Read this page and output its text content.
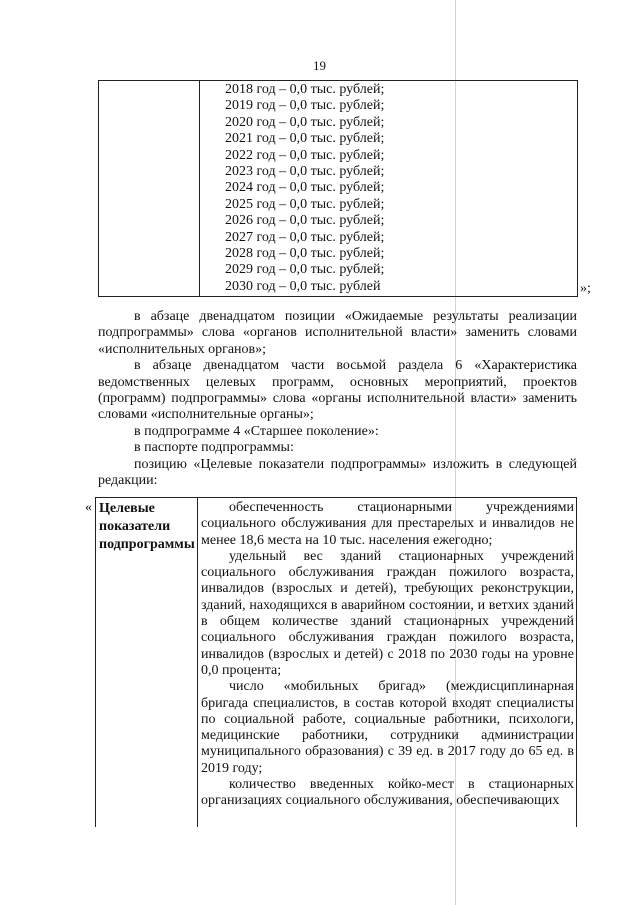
19
2018 год – 0,0 тыс. рублей;
2019 год – 0,0 тыс. рублей;
2020 год – 0,0 тыс. рублей;
2021 год – 0,0 тыс. рублей;
2022 год – 0,0 тыс. рублей;
2023 год – 0,0 тыс. рублей;
2024 год – 0,0 тыс. рублей;
2025 год – 0,0 тыс. рублей;
2026 год – 0,0 тыс. рублей;
2027 год – 0,0 тыс. рублей;
2028 год – 0,0 тыс. рублей;
2029 год – 0,0 тыс. рублей;
2030 год – 0,0 тыс. рублей	»;
в абзаце двенадцатом позиции «Ожидаемые результаты реализации подпрограммы» слова «органов исполнительной власти» заменить словами «исполнительных органов»;
в абзаце двенадцатом части восьмой раздела 6 «Характеристика ведомственных целевых программ, основных мероприятий, проектов (программ) подпрограммы» слова «органы исполнительной власти» заменить словами «исполнительные органы»;
в подпрограмме 4 «Старшее поколение»:
в паспорте подпрограммы:
позицию «Целевые показатели подпрограммы» изложить в следующей редакции:
« Целевые
показатели
подпрограммы
обеспеченность стационарными учреждениями социального обслуживания для престарелых и инвалидов не менее 18,6 места на 10 тыс. населения ежегодно;
удельный вес зданий стационарных учреждений социального обслуживания граждан пожилого возраста, инвалидов (взрослых и детей), требующих реконструкции, зданий, находящихся в аварийном состоянии, и ветхих зданий в общем количестве зданий стационарных учреждений социального обслуживания граждан пожилого возраста, инвалидов (взрослых и детей) с 2018 по 2030 годы на уровне 0,0 процента;
число «мобильных бригад» (междисциплинарная бригада специалистов, в состав которой входят специалисты по социальной работе, социальные работники, психологи, медицинские работники, сотрудники администрации муниципального образования) с 39 ед. в 2017 году до 65 ед. в 2019 году;
количество введенных койко-мест в стационарных организациях социального обслуживания, обеспечивающих
